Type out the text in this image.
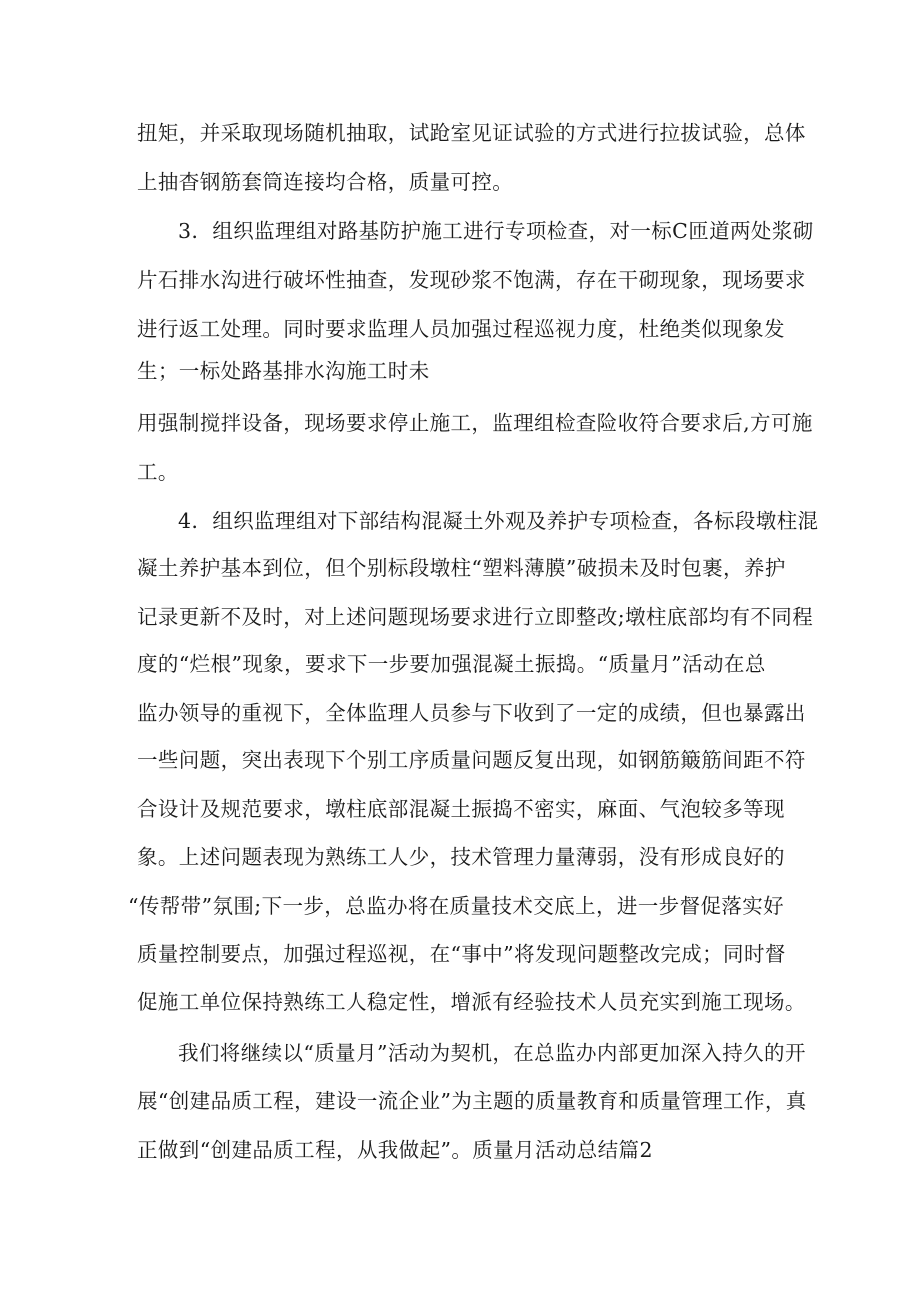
扭矩，并采取现场随机抽取，试跄室见证试验的方式进行拉拔试验，总体
上抽杳钢筋套筒连接均合格，质量可控。
3．组织监理组对路基防护施工进行专项检查，对一标C匝道两处浆砌
片石排水沟进行破坏性抽查，发现砂浆不饱满，存在干砌现象，现场要求
进行返工处理。同时要求监理人员加强过程巡视力度，杜绝类似现象发
生；一标处路基排水沟施工时未
用强制搅拌设备，现场要求停止施工，监理组检查险收符合要求后,方可施
工。
4．组织监理组对下部结构混凝土外观及养护专项检查，各标段墩柱混
凝土养护基本到位，但个别标段墩柱“塑料薄膜”破损未及时包裹，养护
记录更新不及时，对上述问题现场要求进行立即整改;墩柱底部均有不同程
度的“烂根”现象，要求下一步要加强混凝土振捣。“质量月”活动在总
监办领导的重视下，全体监理人员参与下收到了一定的成绩，但也暴露出
一些问题，突出表现下个别工序质量问题反复出现，如钢筋簸筋间距不符
合设计及规范要求，墩柱底部混凝土振捣不密实，麻面、气泡较多等现
象。上述问题表现为熟练工人少，技术管理力量薄弱，没有形成良好的
“传帮带”氛围;下一步，总监办将在质量技术交底上，进一步督促落实好
质量控制要点，加强过程巡视，在“事中”将发现问题整改完成；同时督
促施工单位保持熟练工人稳定性，增派有经验技术人员充实到施工现场。
我们将继续以“质量月”活动为契机，在总监办内部更加深入持久的开
展“创建品质工程，建设一流企业”为主题的质量教育和质量管理工作，真
正做到“创建品质工程，从我做起”。质量月活动总结篇2
